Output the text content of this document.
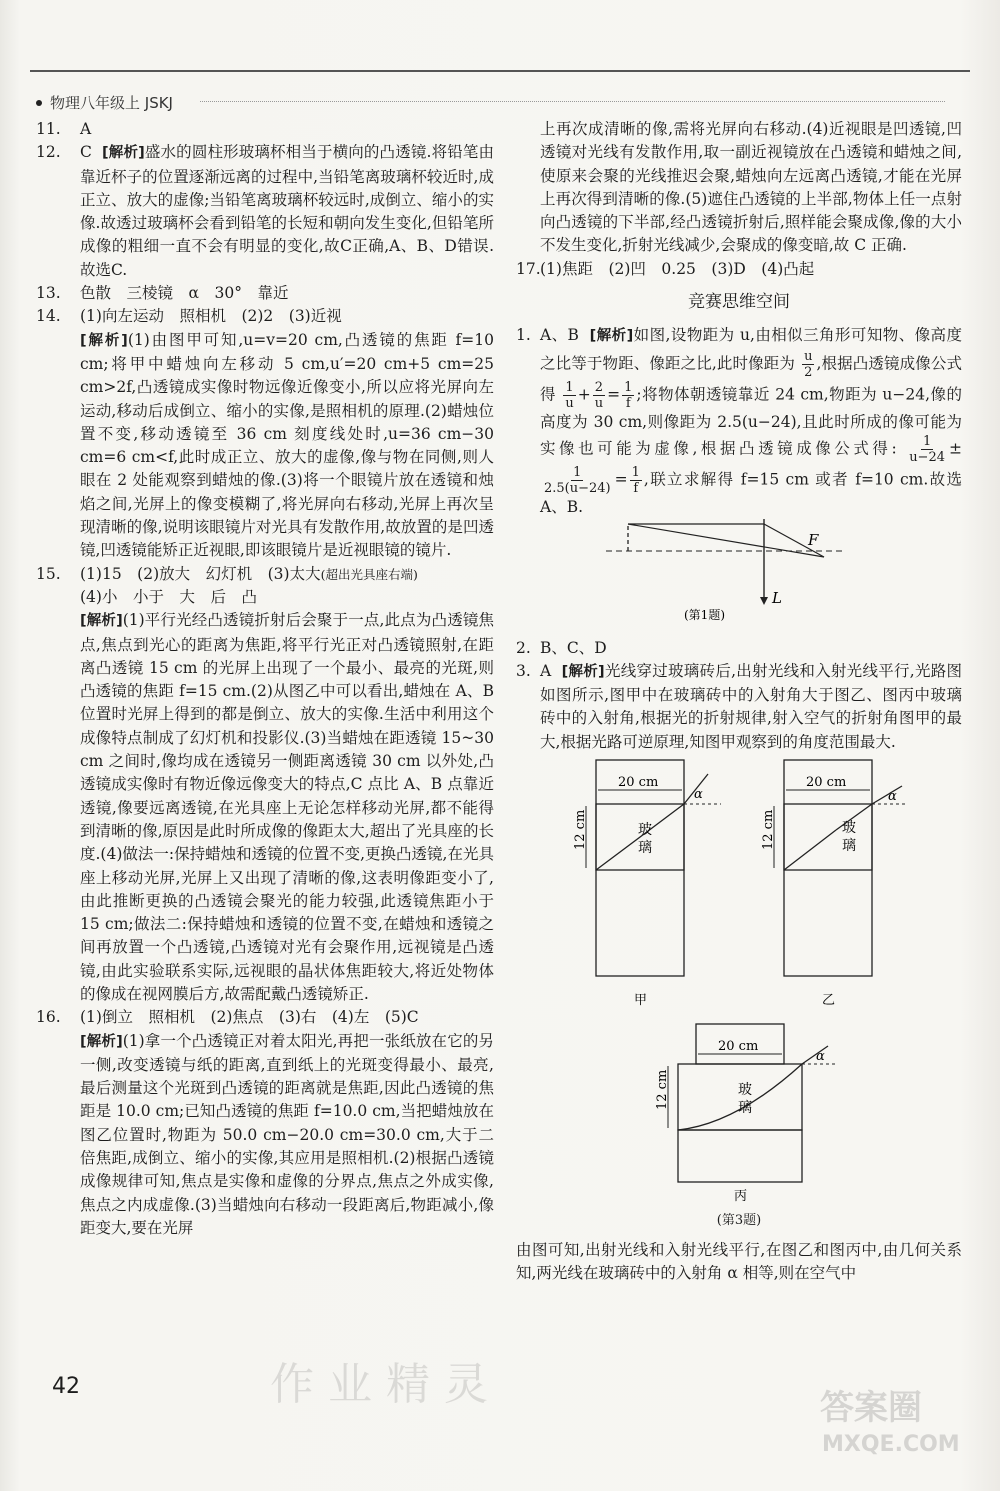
物理八年级上 JSKJ
11.	A
12.	C [解析]盛水的圆柱形玻璃杯相当于横向的凸透镜.将铅笔由靠近杯子的位置逐渐远离的过程中,当铅笔离玻璃杯较近时,成正立、放大的虚像;当铅笔离玻璃杯较远时,成倒立、缩小的实像.故透过玻璃杯会看到铅笔的长短和朝向发生变化,但铅笔所成像的粗细一直不会有明显的变化,故C正确,A、B、D错误.故选C.
13.	色散　三棱镜　α　30°　靠近
14.	(1)向左运动　照相机　(2)2　(3)近视
[解析](1)由图甲可知,u=v=20 cm,凸透镜的焦距 f=10 cm;将甲中蜡烛向左移动 5 cm,u′=20 cm+5 cm=25 cm>2f,凸透镜成实像时物远像近像变小,所以应将光屏向左运动,移动后成倒立、缩小的实像,是照相机的原理.(2)蜡烛位置不变,移动透镜至 36 cm 刻度线处时,u=36 cm−30 cm=6 cm<f,此时成正立、放大的虚像,像与物在同侧,则人眼在 2 处能观察到蜡烛的像.(3)将一个眼镜片放在透镜和烛焰之间,光屏上的像变模糊了,将光屏向右移动,光屏上再次呈现清晰的像,说明该眼镜片对光具有发散作用,故放置的是凹透镜,凹透镜能矫正近视眼,即该眼镜片是近视眼镜的镜片.
15.	(1)15　(2)放大　幻灯机　(3)太大(超出光具座右端)
(4)小　小于　大　后　凸
[解析](1)平行光经凸透镜折射后会聚于一点,此点为凸透镜焦点,焦点到光心的距离为焦距,将平行光正对凸透镜照射,在距离凸透镜 15 cm 的光屏上出现了一个最小、最亮的光斑,则凸透镜的焦距 f=15 cm.(2)从图乙中可以看出,蜡烛在 A、B 位置时光屏上得到的都是倒立、放大的实像.生活中利用这个成像特点制成了幻灯机和投影仪.(3)当蜡烛在距透镜 15~30 cm 之间时,像均成在透镜另一侧距离透镜 30 cm 以外处,凸透镜成实像时有物近像远像变大的特点,C 点比 A、B 点靠近透镜,像要远离透镜,在光具座上无论怎样移动光屏,都不能得到清晰的像,原因是此时所成像的像距太大,超出了光具座的长度.(4)做法一:保持蜡烛和透镜的位置不变,更换凸透镜,在光具座上移动光屏,光屏上又出现了清晰的像,这表明像距变小了,由此推断更换的凸透镜会聚光的能力较强,此透镜焦距小于 15 cm;做法二:保持蜡烛和透镜的位置不变,在蜡烛和透镜之间再放置一个凸透镜,凸透镜对光有会聚作用,远视镜是凸透镜,由此实验联系实际,远视眼的晶状体焦距较大,将近处物体的像成在视网膜后方,故需配戴凸透镜矫正.
16.	(1)倒立　照相机　(2)焦点　(3)右　(4)左　(5)C
[解析](1)拿一个凸透镜正对着太阳光,再把一张纸放在它的另一侧,改变透镜与纸的距离,直到纸上的光斑变得最小、最亮,最后测量这个光斑到凸透镜的距离就是焦距,因此凸透镜的焦距是 10.0 cm;已知凸透镜的焦距 f=10.0 cm,当把蜡烛放在图乙位置时,物距为 50.0 cm−20.0 cm=30.0 cm,大于二倍焦距,成倒立、缩小的实像,其应用是照相机.(2)根据凸透镜成像规律可知,焦点是实像和虚像的分界点,焦点之外成实像,焦点之内成虚像.(3)当蜡烛向右移动一段距离后,物距减小,像距变大,要在光屏
上再次成清晰的像,需将光屏向右移动.(4)近视眼是凹透镜,凹透镜对光线有发散作用,取一副近视镜放在凸透镜和蜡烛之间,使原来会聚的光线推迟会聚,蜡烛向左远离凸透镜,才能在光屏上再次得到清晰的像.(5)遮住凸透镜的上半部,物体上任一点射向凸透镜的下半部,经凸透镜折射后,照样能会聚成像,像的大小不发生变化,折射光线减少,会聚成的像变暗,故 C 正确.
17. (1)焦距　(2)凹　0.25　(3)D　(4)凸起
竞赛思维空间
1. A、B [解析]如图,设物距为 u,由相似三角形可知物、像高度之比等于物距、像距之比,此时像距为 $\frac{u}{2}$ ,根据凸透镜成像公式得 $\frac{1}{u} + \frac{2}{u} = \frac{1}{f}$ ;将物体朝透镜靠近 24 cm,物距为 u−24,像的高度为 30 cm,则像距为 2.5(u−24),且此时所成的像可能为实像也可能为虚像,根据凸透镜成像公式得: $\frac{1}{u-24}$ ±
$\frac{1}{2.5(u-24)} = \frac{1}{f}$ ,联立求解得 f=15 cm 或者 f=10 cm.故选 A、B.
L
F
(第1题)
2. B、C、D
3. A [解析]光线穿过玻璃砖后,出射光线和入射光线平行,光路图如图所示,图甲中在玻璃砖中的入射角大于图乙、图丙中玻璃砖中的入射角,根据光的折射规律,射入空气的折射角图甲的最大,根据光路可逆原理,知图甲观察到的角度范围最大.
20 cm
12 cm	玻
璃
α
甲
20 cm
12 cm	玻
璃
α
乙
20 cm
12 cm	玻
璃
α
丙
(第3题)
由图可知,出射光线和入射光线平行,在图乙和图丙中,由几何关系知,两光线在玻璃砖中的入射角 α 相等,则在空气中
42	作业精灵	答案圈
MXQE.COM
